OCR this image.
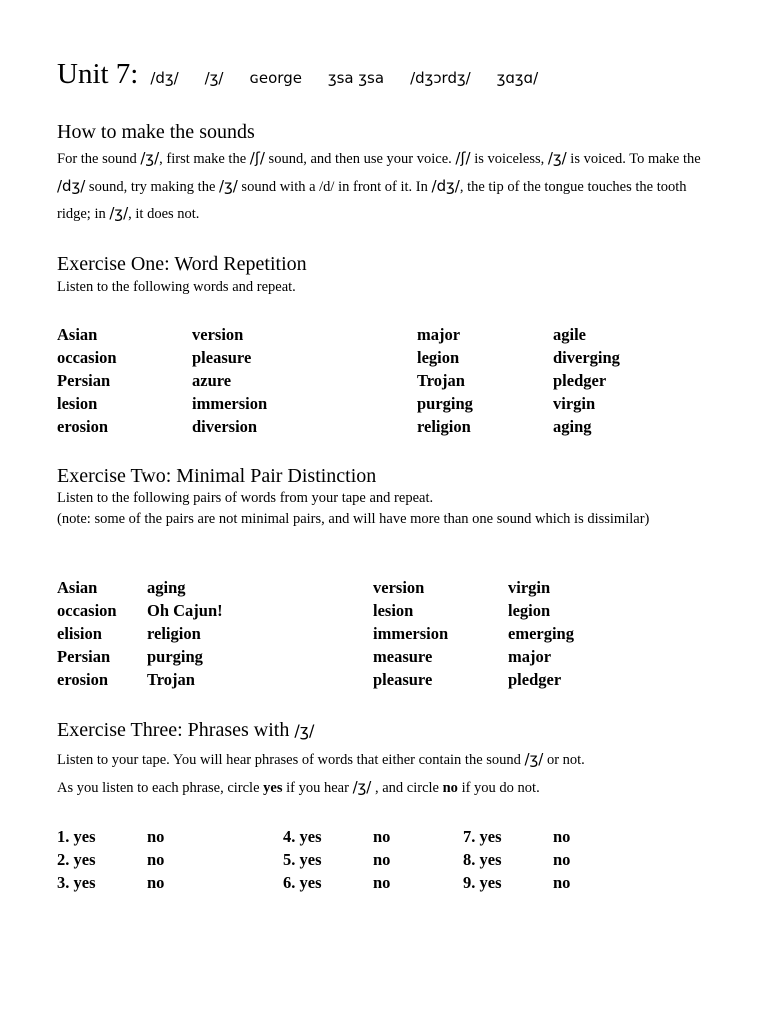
Unit 7: /dʒ/ /ʒ/ ɢeorge ʒsa ʒsa /dʒɔrdʒ/ ʒɑʒɑ/
How to make the sounds

For the sound /ʒ/, first make the /ʃ/ sound, and then use your voice. /ʃ/ is voiceless, /ʒ/ is voiced. To make the /dʒ/ sound, try making the /ʒ/ sound with a /d/ in front of it. In /dʒ/, the tip of the tongue touches the tooth ridge; in /ʒ/, it does not.

Exercise One: Word Repetition

Listen to the following words and repeat.

Asian	version	major	agile
occasion	pleasure	legion	diverging
Persian	azure	Trojan	pledger
lesion	immersion	purging	virgin
erosion	diversion	religion	aging
Exercise Two: Minimal Pair Distinction

Listen to the following pairs of words from your tape and repeat.

(note: some of the pairs are not minimal pairs, and will have more than one sound which is dissimilar)

Asian	aging	version	virgin
occasion	Oh Cajun!	lesion	legion
elision	religion	immersion	emerging
Persian	purging	measure	major
erosion	Trojan	pleasure	pledger
Exercise Three: Phrases with /ʒ/

Listen to your tape. You will hear phrases of words that either contain the sound /ʒ/ or not.

As you listen to each phrase, circle yes if you hear /ʒ/ , and circle no if you do not.

1. yes	no	4. yes	no	7. yes	no
2. yes	no	5. yes	no	8. yes	no
3. yes	no	6. yes	no	9. yes	no
